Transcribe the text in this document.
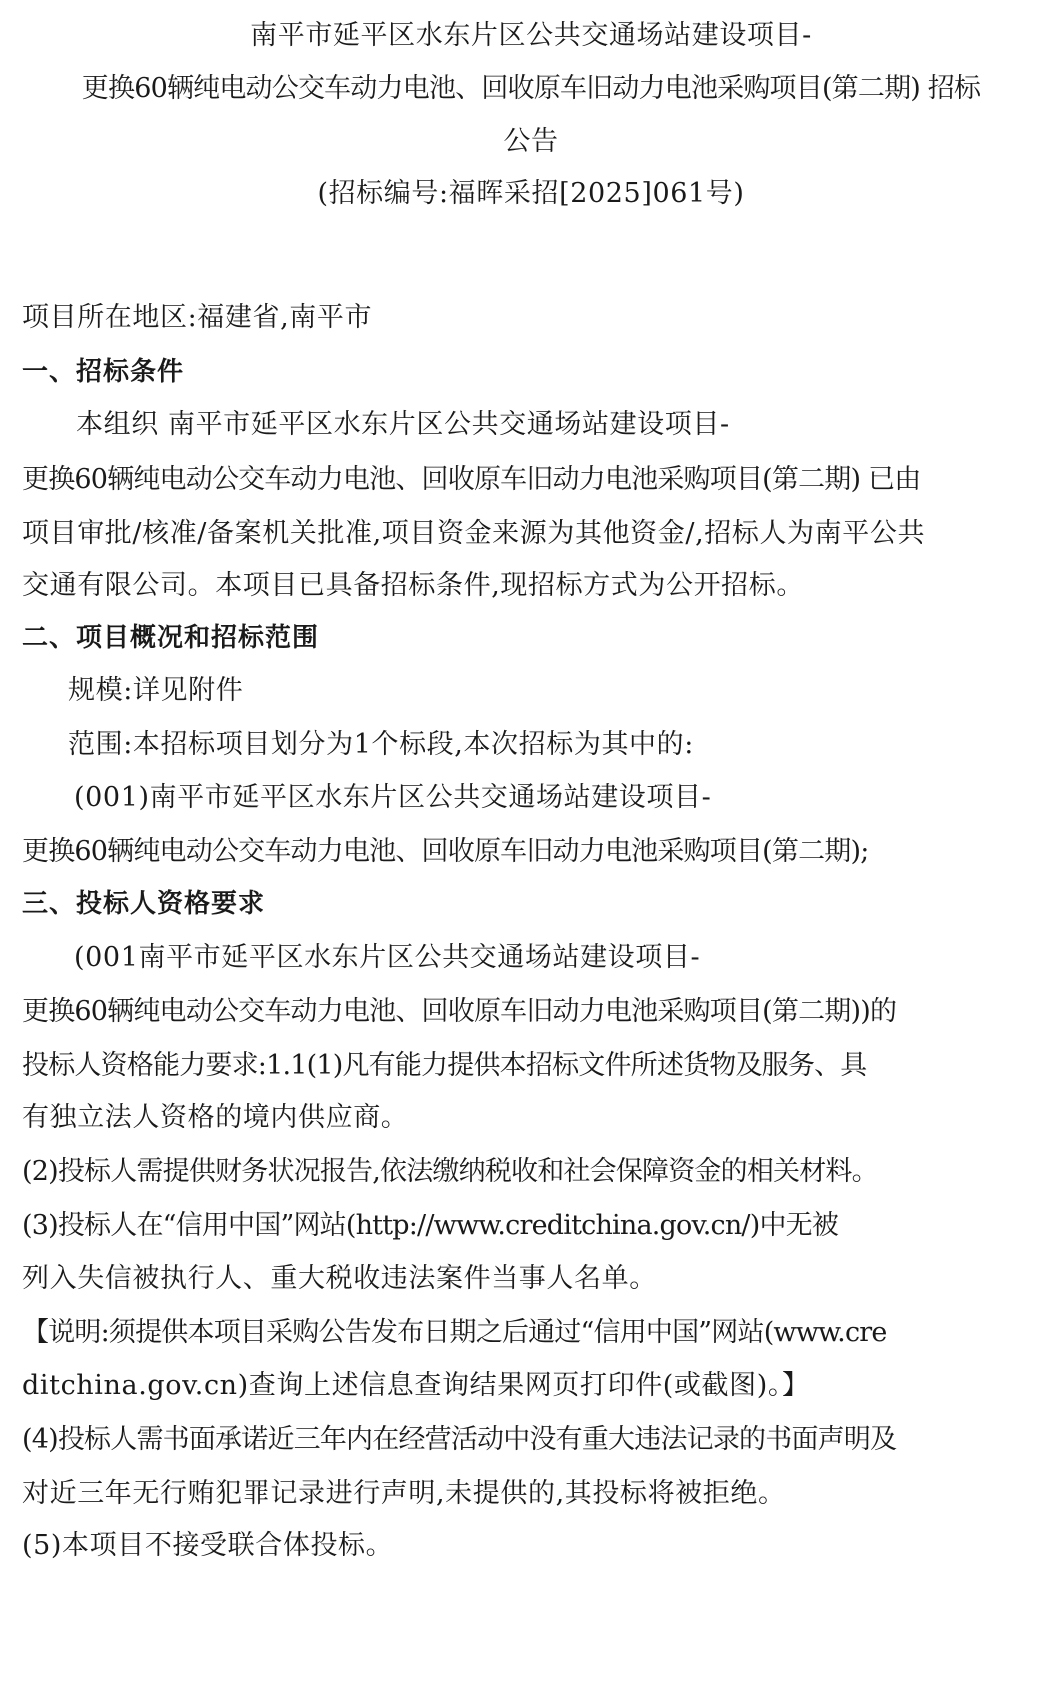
南平市延平区水东片区公共交通场站建设项目-
更换60辆纯电动公交车动力电池、回收原车旧动力电池采购项目(第二期) 招标
公告
(招标编号:福晖采招[2025]061号)
项目所在地区:福建省,南平市
一、招标条件
本组织 南平市延平区水东片区公共交通场站建设项目-
更换60辆纯电动公交车动力电池、回收原车旧动力电池采购项目(第二期) 已由
项目审批/核准/备案机关批准,项目资金来源为其他资金/,招标人为南平公共
交通有限公司。本项目已具备招标条件,现招标方式为公开招标。
二、项目概况和招标范围
规模:详见附件
范围:本招标项目划分为1个标段,本次招标为其中的:
(001)南平市延平区水东片区公共交通场站建设项目-
更换60辆纯电动公交车动力电池、回收原车旧动力电池采购项目(第二期);
三、投标人资格要求
(001南平市延平区水东片区公共交通场站建设项目-
更换60辆纯电动公交车动力电池、回收原车旧动力电池采购项目(第二期))的
投标人资格能力要求:1.1(1)凡有能力提供本招标文件所述货物及服务、具
有独立法人资格的境内供应商。
(2)投标人需提供财务状况报告,依法缴纳税收和社会保障资金的相关材料。
(3)投标人在“信用中国”网站(http://www.creditchina.gov.cn/)中无被
列入失信被执行人、重大税收违法案件当事人名单。
【说明:须提供本项目采购公告发布日期之后通过“信用中国”网站(www.cre
ditchina.gov.cn)查询上述信息查询结果网页打印件(或截图)。】
(4)投标人需书面承诺近三年内在经营活动中没有重大违法记录的书面声明及
对近三年无行贿犯罪记录进行声明,未提供的,其投标将被拒绝。
(5)本项目不接受联合体投标。
